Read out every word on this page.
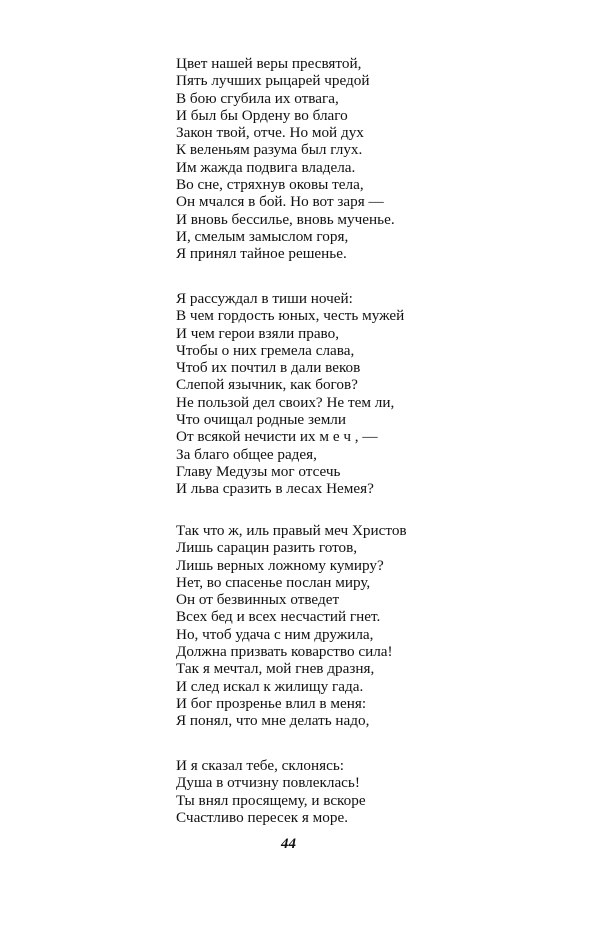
Цвет нашей веры пресвятой,
Пять лучших рыцарей чредой
В бою сгубила их отвага,
И был бы Ордену во благо
Закон твой, отче. Но мой дух
К веленьям разума был глух.
Им жажда подвига владела.
Во сне, стряхнув оковы тела,
Он мчался в бой. Но вот заря —
И вновь бессилье, вновь мученье.
И, смелым замыслом горя,
Я принял тайное решенье.
Я рассуждал в тиши ночей:
В чем гордость юных, честь мужей
И чем герои взяли право,
Чтобы о них гремела слава,
Чтоб их почтил в дали веков
Слепой язычник, как богов?
Не пользой дел своих? Не тем ли,
Что очищал родные земли
От всякой нечисти их м е ч , —
За благо общее радея,
Главу Медузы мог отсечь
И льва сразить в лесах Немея?
Так что ж, иль правый меч Христов
Лишь сарацин разить готов,
Лишь верных ложному кумиру?
Нет, во спасенье послан миру,
Он от безвинных отведет
Всех бед и всех несчастий гнет.
Но, чтоб удача с ним дружила,
Должна призвать коварство сила!
Так я мечтал, мой гнев дразня,
И след искал к жилищу гада.
И бог прозренье влил в меня:
Я понял, что мне делать надо,
И я сказал тебе, склонясь:
Душа в отчизну повлеклась!
Ты внял просящему, и вскоре
Счастливо пересек я море.
44
